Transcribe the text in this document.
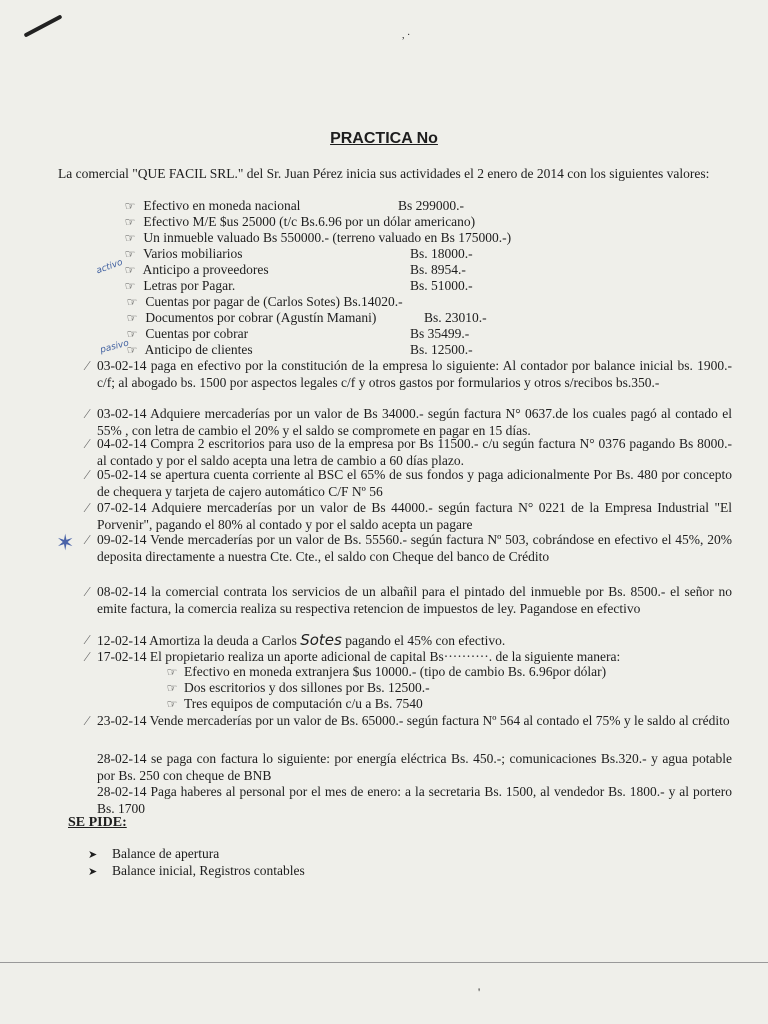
, ·
PRACTICA No
La comercial "QUE FACIL SRL." del Sr. Juan Pérez inicia sus actividades el 2 enero de 2014 con los siguientes valores:
☞ Efectivo en moneda nacional	Bs 299000.-
☞ Efectivo M/E $us 25000 (t/c Bs.6.96 por un dólar americano)
☞ Un inmueble valuado Bs 550000.- (terreno valuado en Bs 175000.-)
☞ Varios mobiliarios	Bs. 18000.-
☞ Anticipo a proveedores	Bs. 8954.-
☞ Letras por Pagar.	Bs. 51000.-
☞ Cuentas por pagar de (Carlos Sotes) Bs.14020.-
☞ Documentos por cobrar (Agustín Mamani)	Bs. 23010.-
☞ Cuentas por cobrar	Bs 35499.-
☞ Anticipo de clientes	Bs. 12500.-
activo
pasivo
∕ 03-02-14 paga en efectivo por la constitución de la empresa lo siguiente: Al contador por balance inicial bs. 1900.-c/f; al abogado bs. 1500 por aspectos legales c/f y otros gastos por formularios y otros s/recibos bs.350.-
∕ 03-02-14 Adquiere mercaderías por un valor de Bs 34000.- según factura N° 0637.de los cuales pagó al contado el 55% , con letra de cambio el 20% y el saldo se compromete en pagar en 15 días.
∕ 04-02-14 Compra 2 escritorios para uso de la empresa por Bs 11500.- c/u según factura N° 0376 pagando Bs 8000.- al contado y por el saldo acepta una letra de cambio a 60 días plazo.
∕ 05-02-14 se apertura cuenta corriente al BSC el 65% de sus fondos y paga adicionalmente Por Bs. 480 por concepto de chequera y tarjeta de cajero automático C/F Nº 56
∕ 07-02-14 Adquiere mercaderías por un valor de Bs 44000.- según factura N° 0221 de la Empresa Industrial "El Porvenir", pagando el 80% al contado y por el saldo acepta un pagare
∕ 09-02-14 Vende mercaderías por un valor de Bs. 55560.- según factura Nº 503, cobrándose en efectivo el 45%, 20% deposita directamente a nuestra Cte. Cte., el saldo con Cheque del banco de Crédito
✶
∕ 08-02-14 la comercial contrata los servicios de un albañil para el pintado del inmueble por Bs. 8500.- el señor no emite factura, la comercia realiza su respectiva retencion de impuestos de ley. Pagandose en efectivo
∕ 12-02-14 Amortiza la deuda a Carlos Sotes pagando el 45% con efectivo.
∕ 17-02-14 El propietario realiza un aporte adicional de capital Bs··········. de la siguiente manera:
☞ Efectivo en moneda extranjera $us 10000.- (tipo de cambio Bs. 6.96por dólar)
☞ Dos escritorios y dos sillones por Bs. 12500.-
☞ Tres equipos de computación c/u a Bs. 7540
∕ 23-02-14 Vende mercaderías por un valor de Bs. 65000.- según factura Nº 564 al contado el 75% y le saldo al crédito
28-02-14 se paga con factura lo siguiente: por energía eléctrica Bs. 450.-; comunicaciones Bs.320.- y agua potable por Bs. 250 con cheque de BNB
28-02-14 Paga haberes al personal por el mes de enero: a la secretaria Bs. 1500, al vendedor Bs. 1800.- y al portero Bs. 1700
SE PIDE:
➤ Balance de apertura
➤ Balance inicial, Registros contables
'
